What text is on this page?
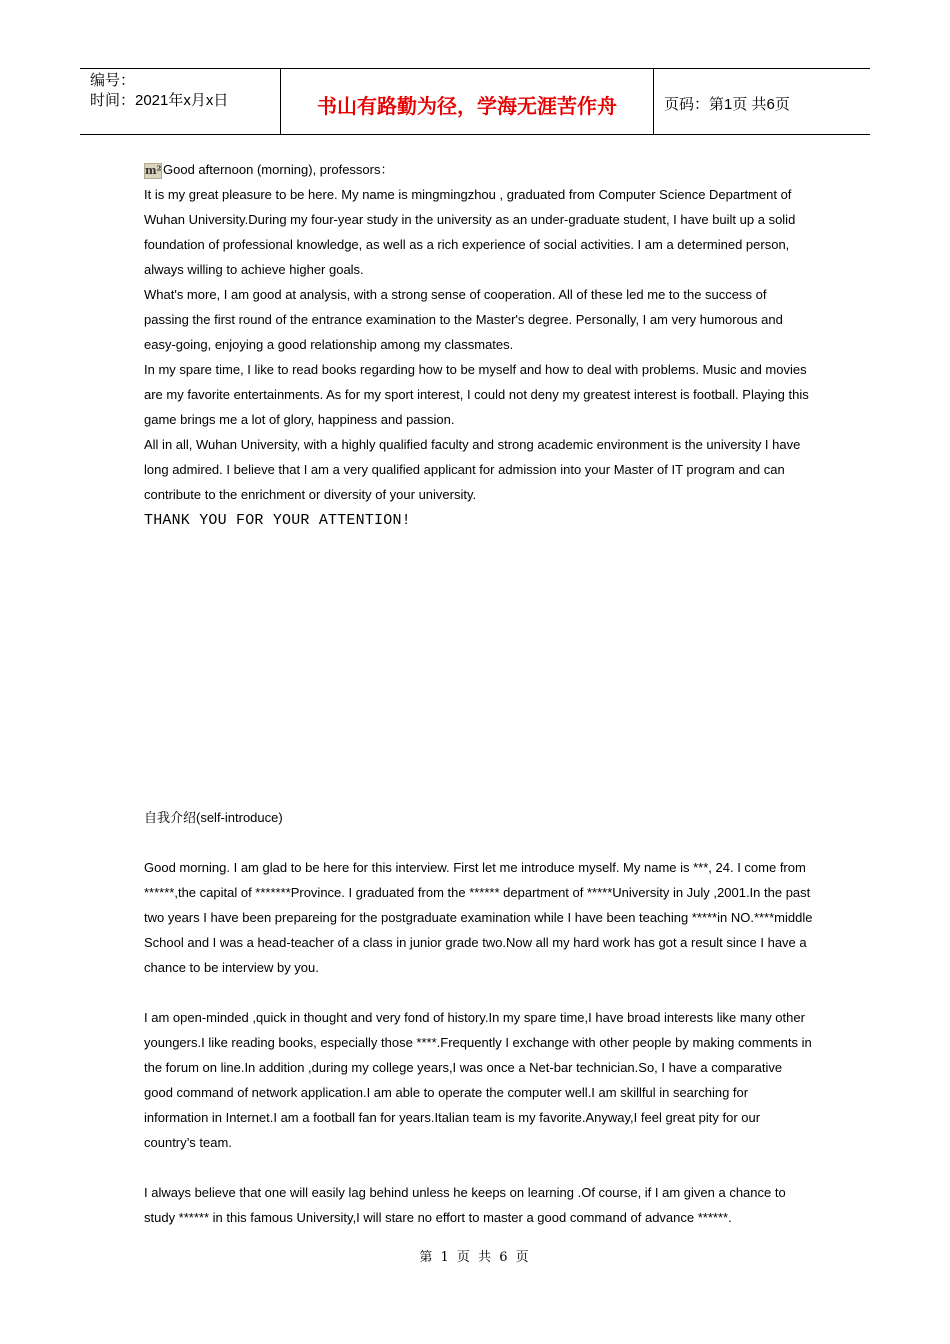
编号：
时间：2021年x月x日	书山有路勤为径，学海无涯苦作舟	页码：第1页 共6页

m² Good afternoon (morning), professors：

It is my great pleasure to be here. My name is mingmingzhou , graduated from Computer Science Department of Wuhan University.During my four-year study in the university as an under-graduate student, I have built up a solid foundation of professional knowledge, as well as a rich experience of social activities. I am a determined person, always willing to achieve higher goals.

What's more, I am good at analysis, with a strong sense of cooperation. All of these led me to the success of passing the first round of the entrance examination to the Master's degree. Personally, I am very humorous and easy-going, enjoying a good relationship among my classmates.

In my spare time, I like to read books regarding how to be myself and how to deal with problems. Music and movies are my favorite entertainments. As for my sport interest, I could not deny my greatest interest is football. Playing this game brings me a lot of glory, happiness and passion.

All in all, Wuhan University, with a highly qualified faculty and strong academic environment is the university I have long admired. I believe that I am a very qualified applicant for admission into your Master of IT program and can contribute to the enrichment or diversity of your university.

THANK YOU FOR YOUR ATTENTION!

自我介绍(self-introduce)

Good morning. I am glad to be here for this interview. First let me introduce myself. My name is ***, 24. I come from ******,the capital of *******Province. I graduated from the ****** department of *****University in July ,2001.In the past two years I have been prepareing for the postgraduate examination while I have been teaching *****in NO.****middle School and I was a head-teacher of a class in junior grade two.Now all my hard work has got a result since I have a chance to be interview by you.

I am open-minded ,quick in thought and very fond of history.In my spare time,I have broad interests like many other youngers.I like reading books, especially those ****.Frequently I exchange with other people by making comments in the forum on line.In addition ,during my college years,I was once a Net-bar technician.So, I have a comparative good command of network application.I am able to operate the computer well.I am skillful in searching for information in Internet.I am a football fan for years.Italian team is my favorite.Anyway,I feel great pity for our country’s team.

I always believe that one will easily lag behind unless he keeps on learning .Of course, if I am given a chance to study ****** in this famous University,I will stare no effort to master a good command of advance ******.

第 1 页 共 6 页
